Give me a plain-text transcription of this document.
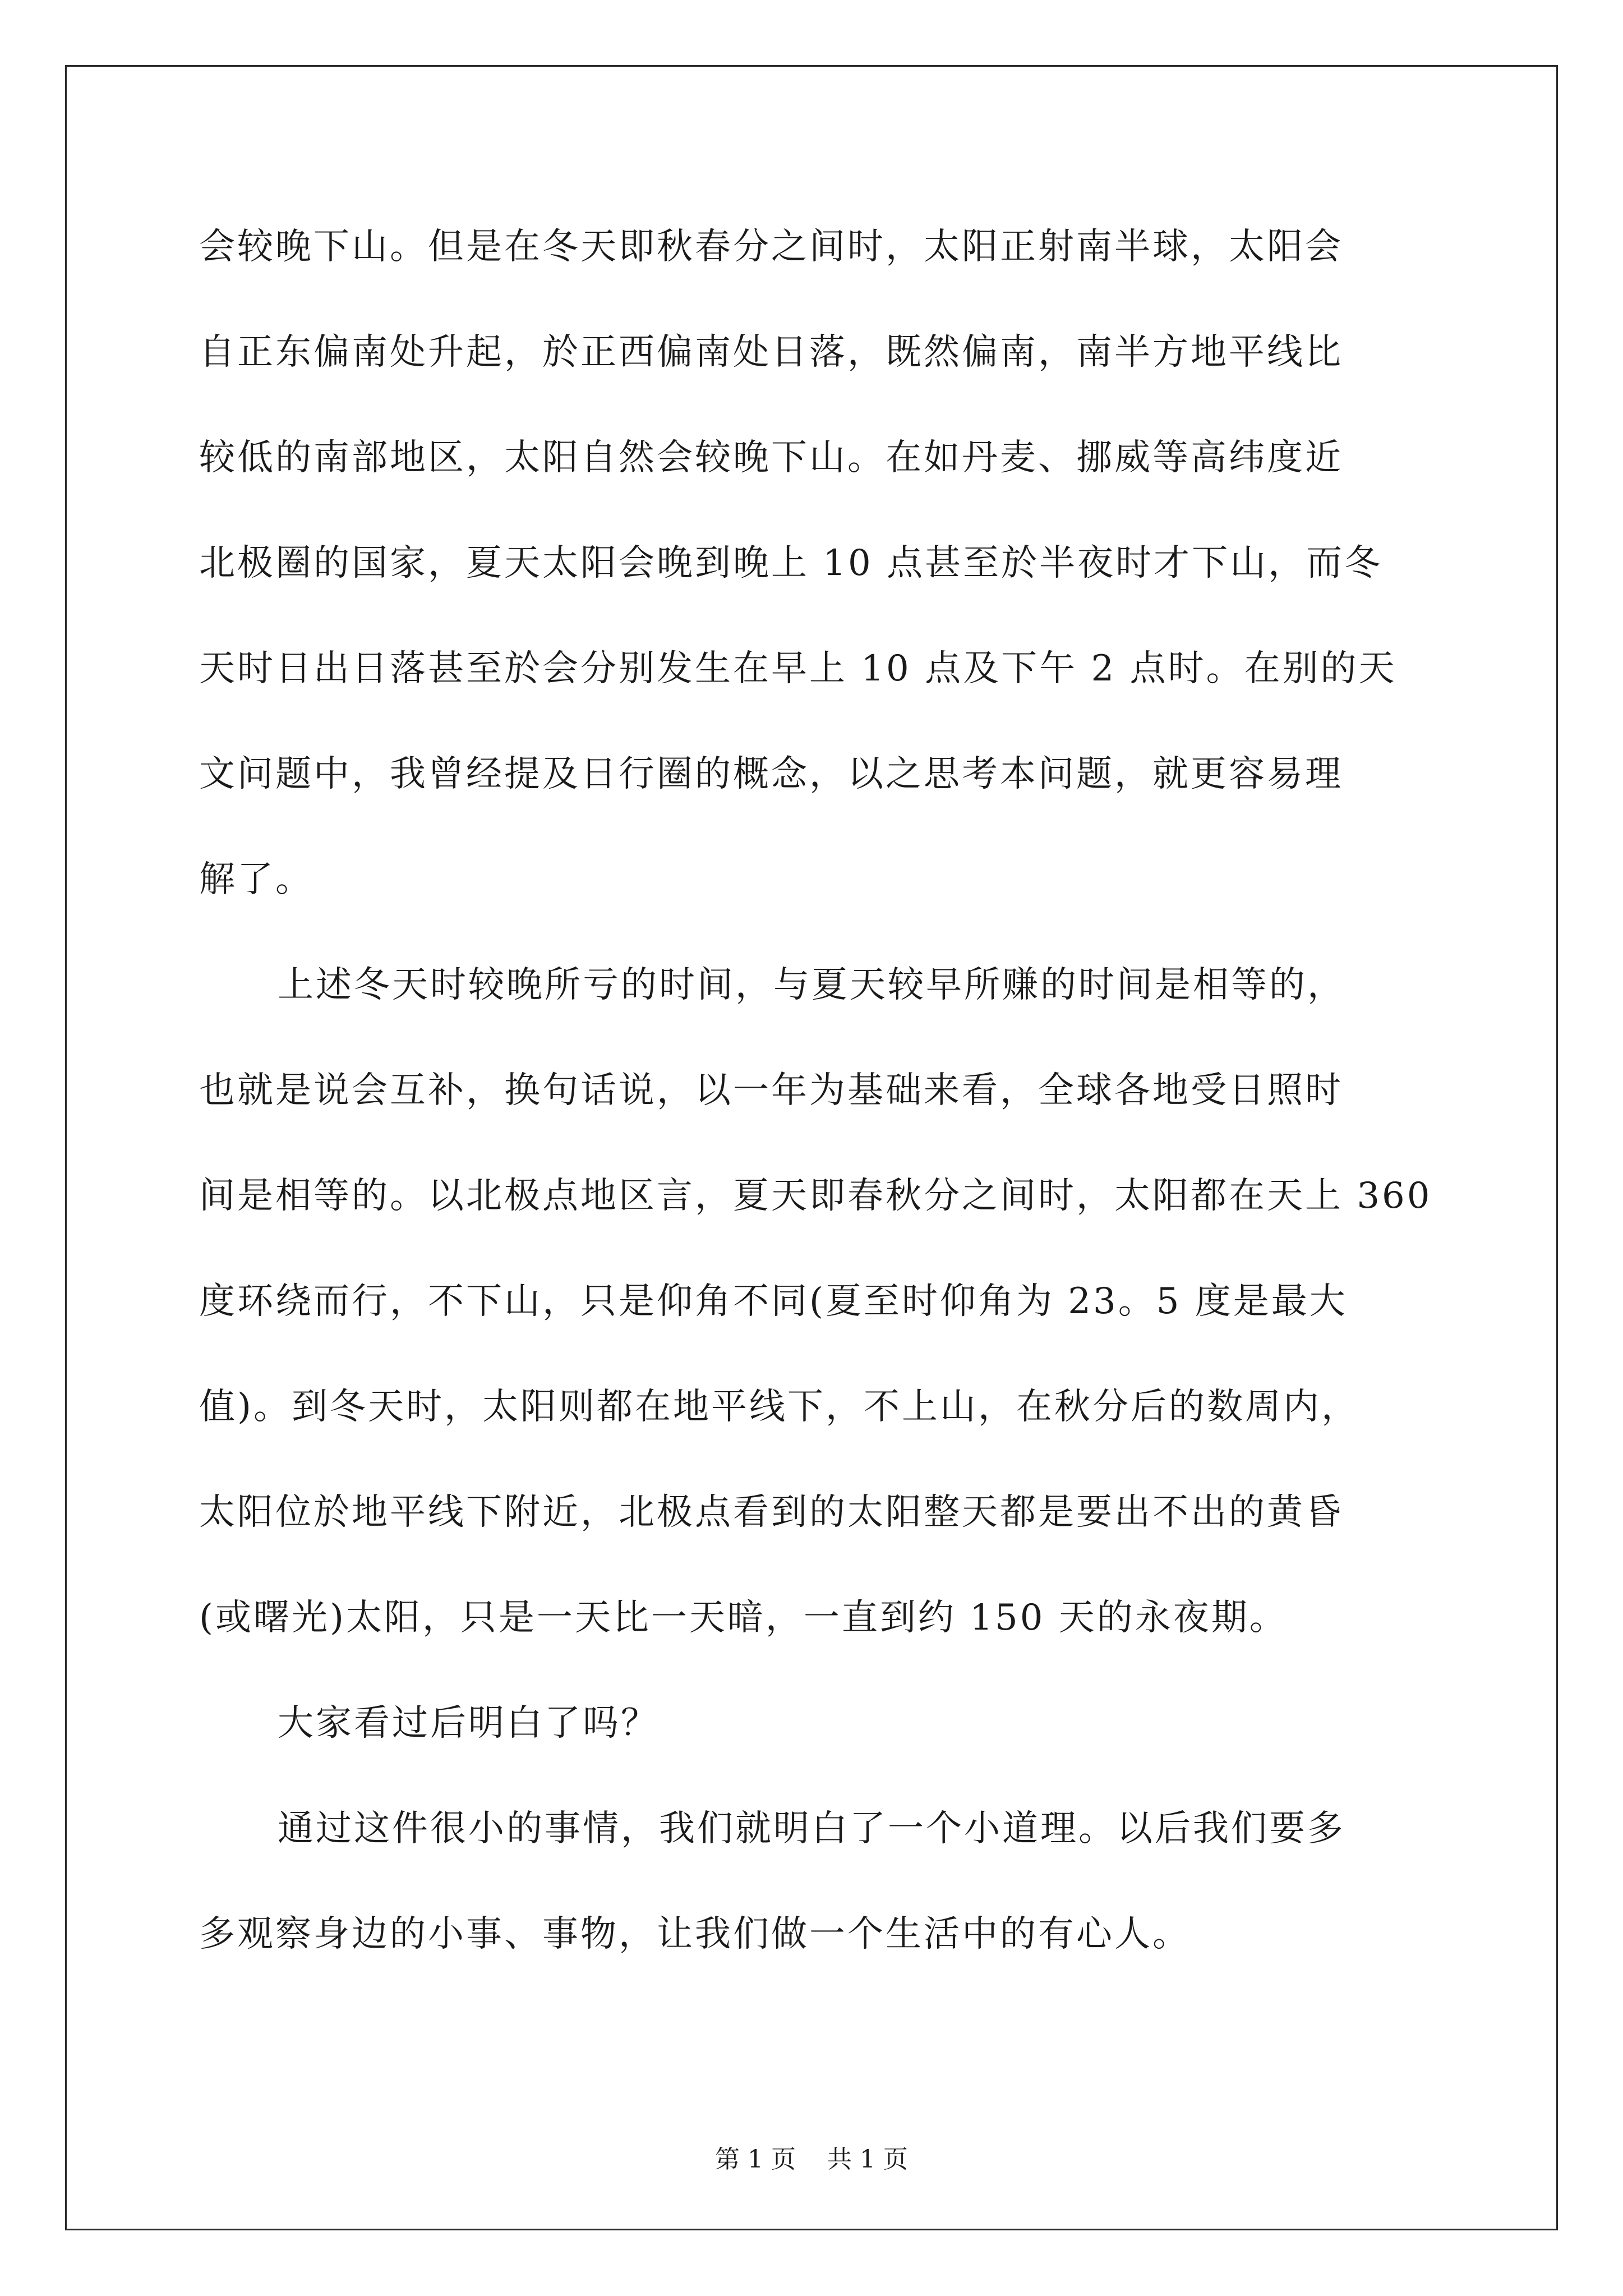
会较晚下山。但是在冬天即秋春分之间时，太阳正射南半球，太阳会
自正东偏南处升起，於正西偏南处日落，既然偏南，南半方地平线比
较低的南部地区，太阳自然会较晚下山。在如丹麦、挪威等高纬度近
北极圈的国家，夏天太阳会晚到晚上 10 点甚至於半夜时才下山，而冬
天时日出日落甚至於会分别发生在早上 10 点及下午 2 点时。在别的天
文问题中，我曾经提及日行圈的概念，以之思考本问题，就更容易理
解了。
上述冬天时较晚所亏的时间，与夏天较早所赚的时间是相等的，
也就是说会互补，换句话说，以一年为基础来看，全球各地受日照时
间是相等的。以北极点地区言，夏天即春秋分之间时，太阳都在天上 360
度环绕而行，不下山，只是仰角不同(夏至时仰角为 23。5 度是最大
值)。到冬天时，太阳则都在地平线下，不上山，在秋分后的数周内，
太阳位於地平线下附近，北极点看到的太阳整天都是要出不出的黄昏
(或曙光)太阳，只是一天比一天暗，一直到约 150 天的永夜期。
大家看过后明白了吗？
通过这件很小的事情，我们就明白了一个小道理。以后我们要多
多观察身边的小事、事物，让我们做一个生活中的有心人。
第 1 页    共 1 页
